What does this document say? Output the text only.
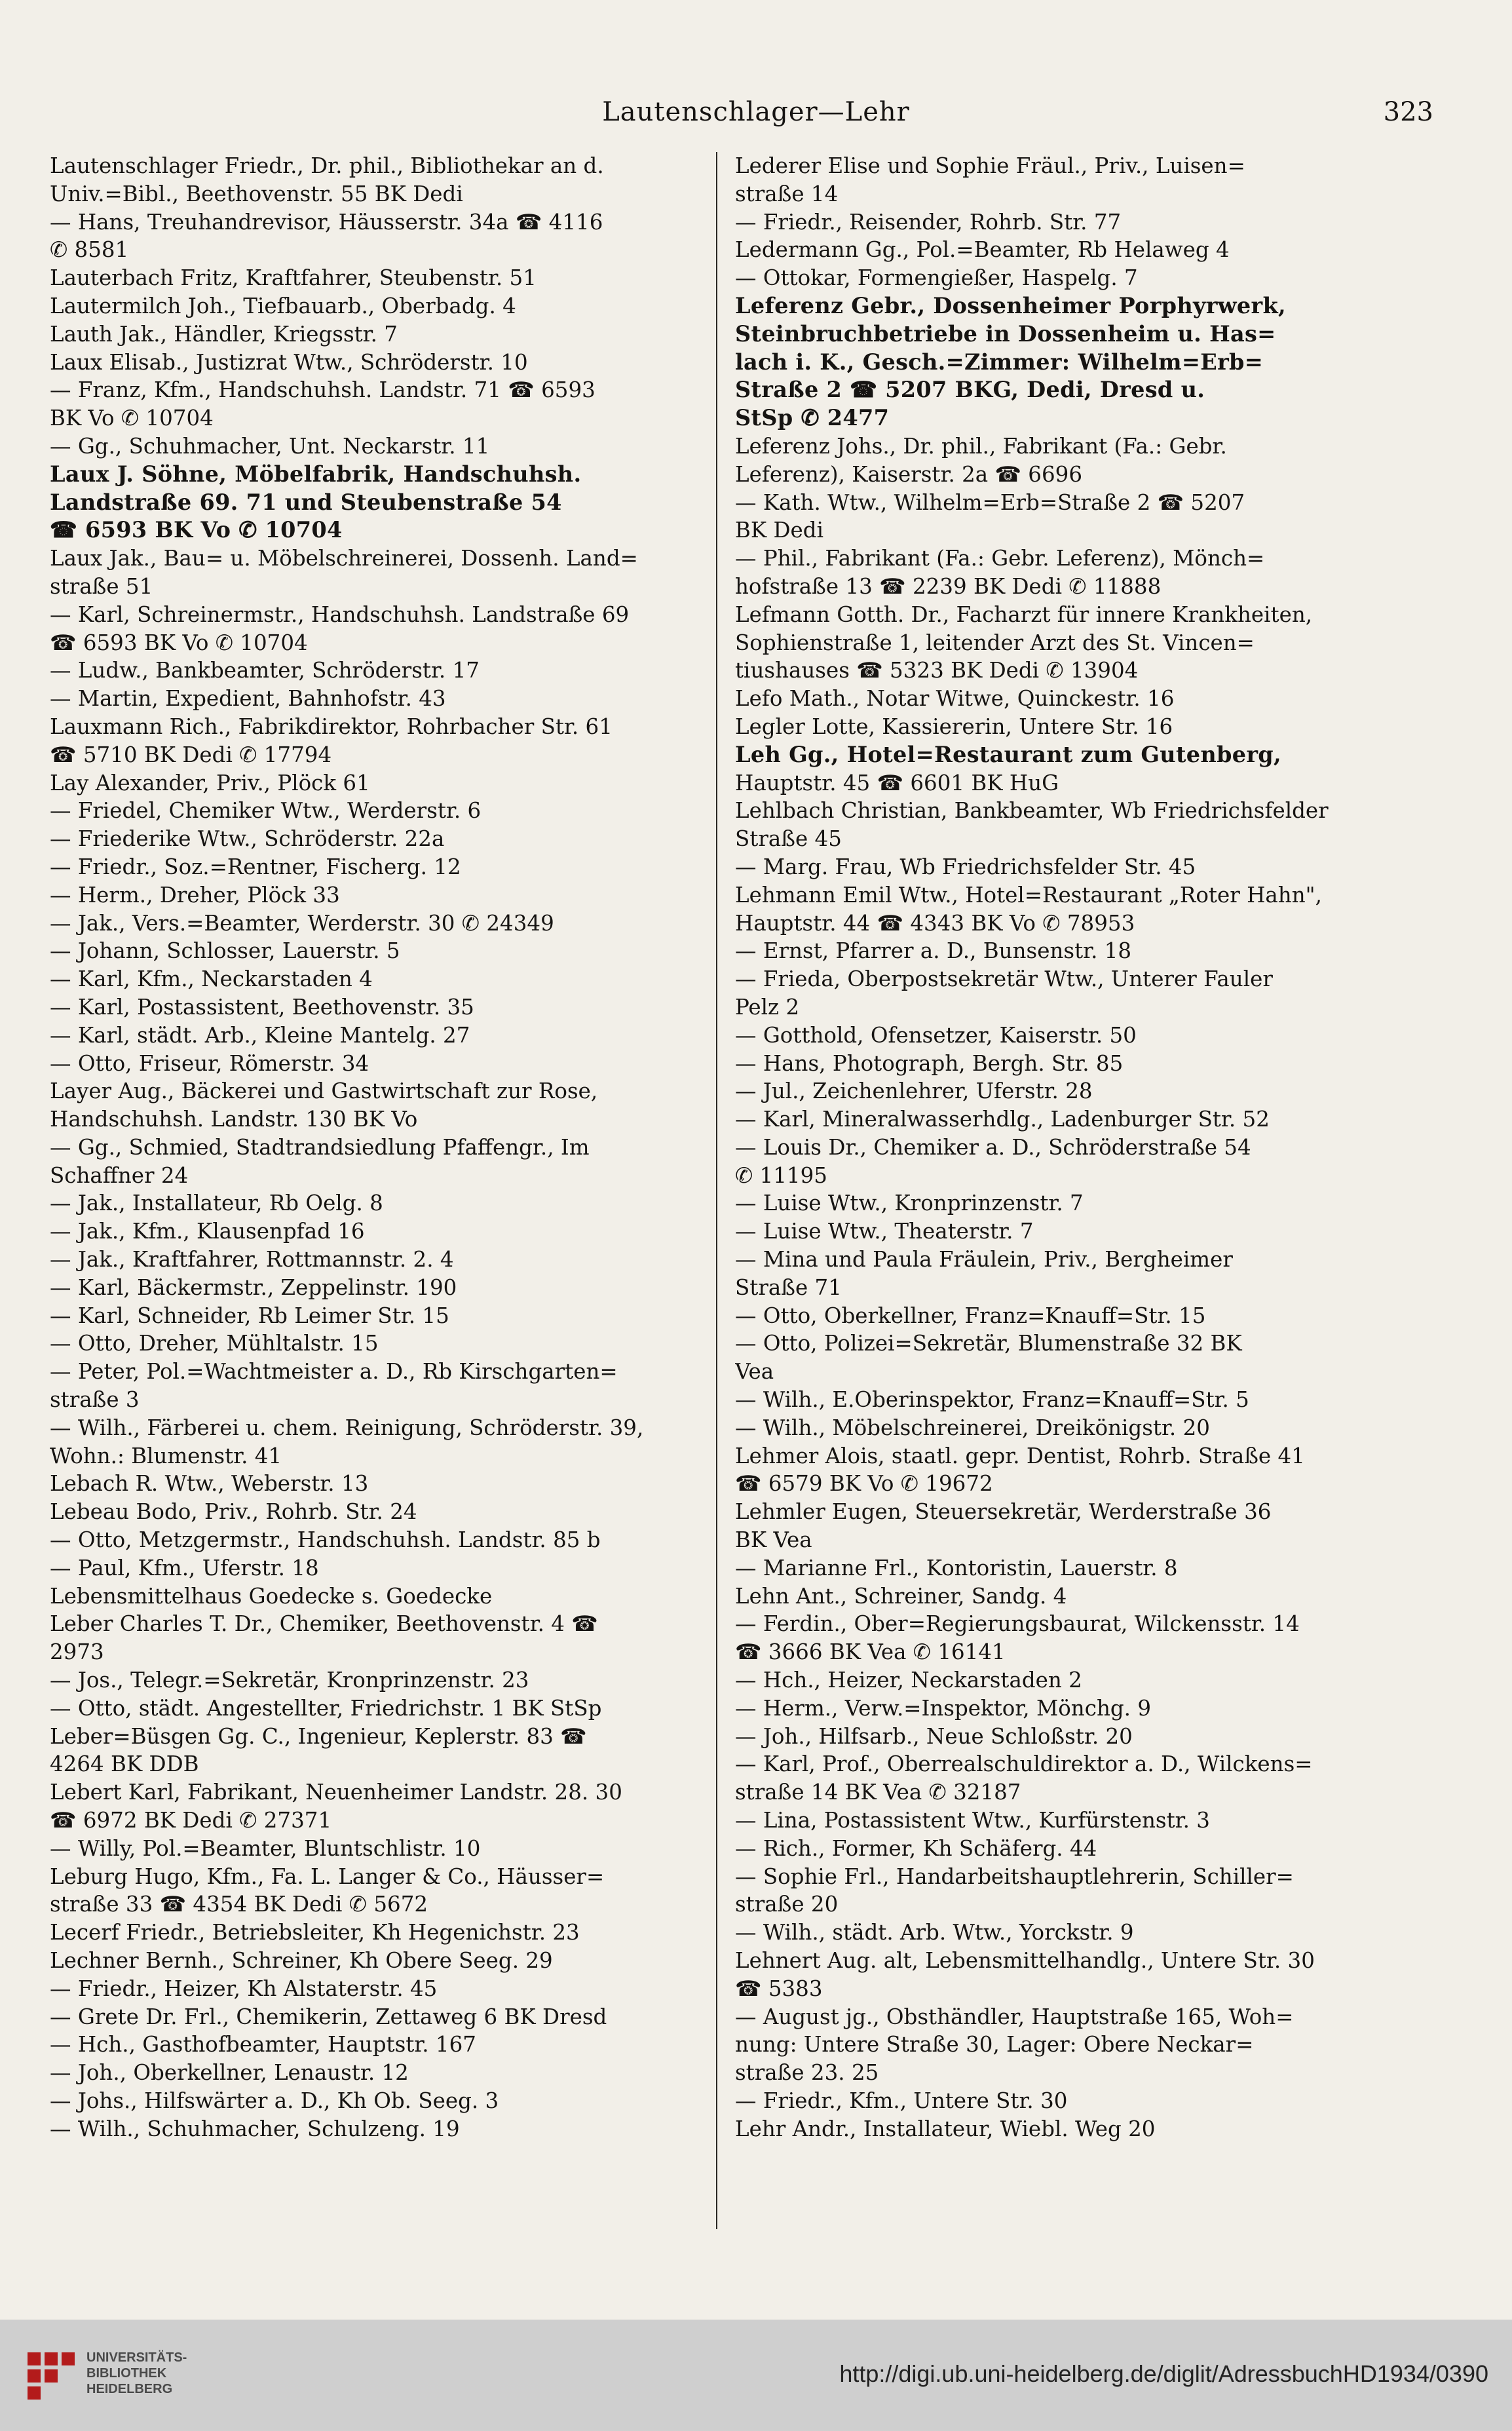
Lautenschlager—Lehr	323
Lautenschlager Friedr., Dr. phil., Bibliothekar an d.
Univ.=Bibl., Beethovenstr. 55 BK Dedi
— Hans, Treuhandrevisor, Häusserstr. 34a ☎ 4116
✆ 8581
Lauterbach Fritz, Kraftfahrer, Steubenstr. 51
Lautermilch Joh., Tiefbauarb., Oberbadg. 4
Lauth Jak., Händler, Kriegsstr. 7
Laux Elisab., Justizrat Wtw., Schröderstr. 10
— Franz, Kfm., Handschuhsh. Landstr. 71 ☎ 6593
BK Vo ✆ 10704
— Gg., Schuhmacher, Unt. Neckarstr. 11
Laux J. Söhne, Möbelfabrik, Handschuhsh.
Landstraße 69. 71 und Steubenstraße 54
☎ 6593 BK Vo ✆ 10704
Laux Jak., Bau= u. Möbelschreinerei, Dossenh. Land=
straße 51
— Karl, Schreinermstr., Handschuhsh. Landstraße 69
☎ 6593 BK Vo ✆ 10704
— Ludw., Bankbeamter, Schröderstr. 17
— Martin, Expedient, Bahnhofstr. 43
Lauxmann Rich., Fabrikdirektor, Rohrbacher Str. 61
☎ 5710 BK Dedi ✆ 17794
Lay Alexander, Priv., Plöck 61
— Friedel, Chemiker Wtw., Werderstr. 6
— Friederike Wtw., Schröderstr. 22a
— Friedr., Soz.=Rentner, Fischerg. 12
— Herm., Dreher, Plöck 33
— Jak., Vers.=Beamter, Werderstr. 30 ✆ 24349
— Johann, Schlosser, Lauerstr. 5
— Karl, Kfm., Neckarstaden 4
— Karl, Postassistent, Beethovenstr. 35
— Karl, städt. Arb., Kleine Mantelg. 27
— Otto, Friseur, Römerstr. 34
Layer Aug., Bäckerei und Gastwirtschaft zur Rose,
Handschuhsh. Landstr. 130 BK Vo
— Gg., Schmied, Stadtrandsiedlung Pfaffengr., Im
Schaffner 24
— Jak., Installateur, Rb Oelg. 8
— Jak., Kfm., Klausenpfad 16
— Jak., Kraftfahrer, Rottmannstr. 2. 4
— Karl, Bäckermstr., Zeppelinstr. 190
— Karl, Schneider, Rb Leimer Str. 15
— Otto, Dreher, Mühltalstr. 15
— Peter, Pol.=Wachtmeister a. D., Rb Kirschgarten=
straße 3
— Wilh., Färberei u. chem. Reinigung, Schröderstr. 39,
Wohn.: Blumenstr. 41
Lebach R. Wtw., Weberstr. 13
Lebeau Bodo, Priv., Rohrb. Str. 24
— Otto, Metzgermstr., Handschuhsh. Landstr. 85 b
— Paul, Kfm., Uferstr. 18
Lebensmittelhaus Goedecke s. Goedecke
Leber Charles T. Dr., Chemiker, Beethovenstr. 4 ☎
2973
— Jos., Telegr.=Sekretär, Kronprinzenstr. 23
— Otto, städt. Angestellter, Friedrichstr. 1 BK StSp
Leber=Büsgen Gg. C., Ingenieur, Keplerstr. 83 ☎
4264 BK DDB
Lebert Karl, Fabrikant, Neuenheimer Landstr. 28. 30
☎ 6972 BK Dedi ✆ 27371
— Willy, Pol.=Beamter, Bluntschlistr. 10
Leburg Hugo, Kfm., Fa. L. Langer & Co., Häusser=
straße 33 ☎ 4354 BK Dedi ✆ 5672
Lecerf Friedr., Betriebsleiter, Kh Hegenichstr. 23
Lechner Bernh., Schreiner, Kh Obere Seeg. 29
— Friedr., Heizer, Kh Alstaterstr. 45
— Grete Dr. Frl., Chemikerin, Zettaweg 6 BK Dresd
— Hch., Gasthofbeamter, Hauptstr. 167
— Joh., Oberkellner, Lenaustr. 12
— Johs., Hilfswärter a. D., Kh Ob. Seeg. 3
— Wilh., Schuhmacher, Schulzeng. 19
Lederer Elise und Sophie Fräul., Priv., Luisen=
straße 14
— Friedr., Reisender, Rohrb. Str. 77
Ledermann Gg., Pol.=Beamter, Rb Helaweg 4
— Ottokar, Formengießer, Haspelg. 7
Leferenz Gebr., Dossenheimer Porphyrwerk,
Steinbruchbetriebe in Dossenheim u. Has=
lach i. K., Gesch.=Zimmer: Wilhelm=Erb=
Straße 2 ☎ 5207 BKG, Dedi, Dresd u.
StSp ✆ 2477
Leferenz Johs., Dr. phil., Fabrikant (Fa.: Gebr.
Leferenz), Kaiserstr. 2a ☎ 6696
— Kath. Wtw., Wilhelm=Erb=Straße 2 ☎ 5207
BK Dedi
— Phil., Fabrikant (Fa.: Gebr. Leferenz), Mönch=
hofstraße 13 ☎ 2239 BK Dedi ✆ 11888
Lefmann Gotth. Dr., Facharzt für innere Krankheiten,
Sophienstraße 1, leitender Arzt des St. Vincen=
tiushauses ☎ 5323 BK Dedi ✆ 13904
Lefo Math., Notar Witwe, Quinckestr. 16
Legler Lotte, Kassiererin, Untere Str. 16
Leh Gg., Hotel=Restaurant zum Gutenberg,
Hauptstr. 45 ☎ 6601 BK HuG
Lehlbach Christian, Bankbeamter, Wb Friedrichsfelder
Straße 45
— Marg. Frau, Wb Friedrichsfelder Str. 45
Lehmann Emil Wtw., Hotel=Restaurant „Roter Hahn",
Hauptstr. 44 ☎ 4343 BK Vo ✆ 78953
— Ernst, Pfarrer a. D., Bunsenstr. 18
— Frieda, Oberpostsekretär Wtw., Unterer Fauler
Pelz 2
— Gotthold, Ofensetzer, Kaiserstr. 50
— Hans, Photograph, Bergh. Str. 85
— Jul., Zeichenlehrer, Uferstr. 28
— Karl, Mineralwasserhdlg., Ladenburger Str. 52
— Louis Dr., Chemiker a. D., Schröderstraße 54
✆ 11195
— Luise Wtw., Kronprinzenstr. 7
— Luise Wtw., Theaterstr. 7
— Mina und Paula Fräulein, Priv., Bergheimer
Straße 71
— Otto, Oberkellner, Franz=Knauff=Str. 15
— Otto, Polizei=Sekretär, Blumenstraße 32 BK
Vea
— Wilh., E.Oberinspektor, Franz=Knauff=Str. 5
— Wilh., Möbelschreinerei, Dreikönigstr. 20
Lehmer Alois, staatl. gepr. Dentist, Rohrb. Straße 41
☎ 6579 BK Vo ✆ 19672
Lehmler Eugen, Steuersekretär, Werderstraße 36
BK Vea
— Marianne Frl., Kontoristin, Lauerstr. 8
Lehn Ant., Schreiner, Sandg. 4
— Ferdin., Ober=Regierungsbaurat, Wilckensstr. 14
☎ 3666 BK Vea ✆ 16141
— Hch., Heizer, Neckarstaden 2
— Herm., Verw.=Inspektor, Mönchg. 9
— Joh., Hilfsarb., Neue Schloßstr. 20
— Karl, Prof., Oberrealschuldirektor a. D., Wilckens=
straße 14 BK Vea ✆ 32187
— Lina, Postassistent Wtw., Kurfürstenstr. 3
— Rich., Former, Kh Schäferg. 44
— Sophie Frl., Handarbeitshauptlehrerin, Schiller=
straße 20
— Wilh., städt. Arb. Wtw., Yorckstr. 9
Lehnert Aug. alt, Lebensmittelhandlg., Untere Str. 30
☎ 5383
— August jg., Obsthändler, Hauptstraße 165, Woh=
nung: Untere Straße 30, Lager: Obere Neckar=
straße 23. 25
— Friedr., Kfm., Untere Str. 30
Lehr Andr., Installateur, Wiebl. Weg 20
UNIVERSITÄTS-
BIBLIOTHEK
HEIDELBERG
http://digi.ub.uni-heidelberg.de/diglit/AdressbuchHD1934/0390
